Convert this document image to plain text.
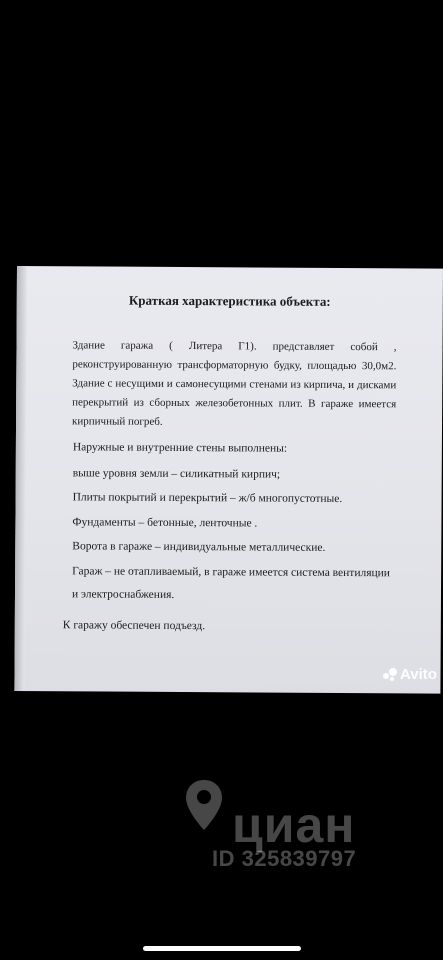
Краткая характеристика объекта:
Здание гаража ( Литера Г1). представляет собой , реконструированную трансформаторную будку, площадью 30,0м2. Здание с несущими и самонесущими стенами из кирпича, и дисками перекрытий из сборных железобетонных плит. В гараже имеется кирпичный погреб.
Наружные и внутренние стены выполнены:
выше уровня земли – силикатный кирпич;
Плиты покрытий и перекрытий – ж/б многопустотные.
Фундаменты – бетонные, ленточные .
Ворота в гараже – индивидуальные металлические.
Гараж – не отапливаемый, в гараже имеется система вентиляции
и электроснабжения.
К гаражу обеспечен подъезд.
Avito
циан
ID 325839797
